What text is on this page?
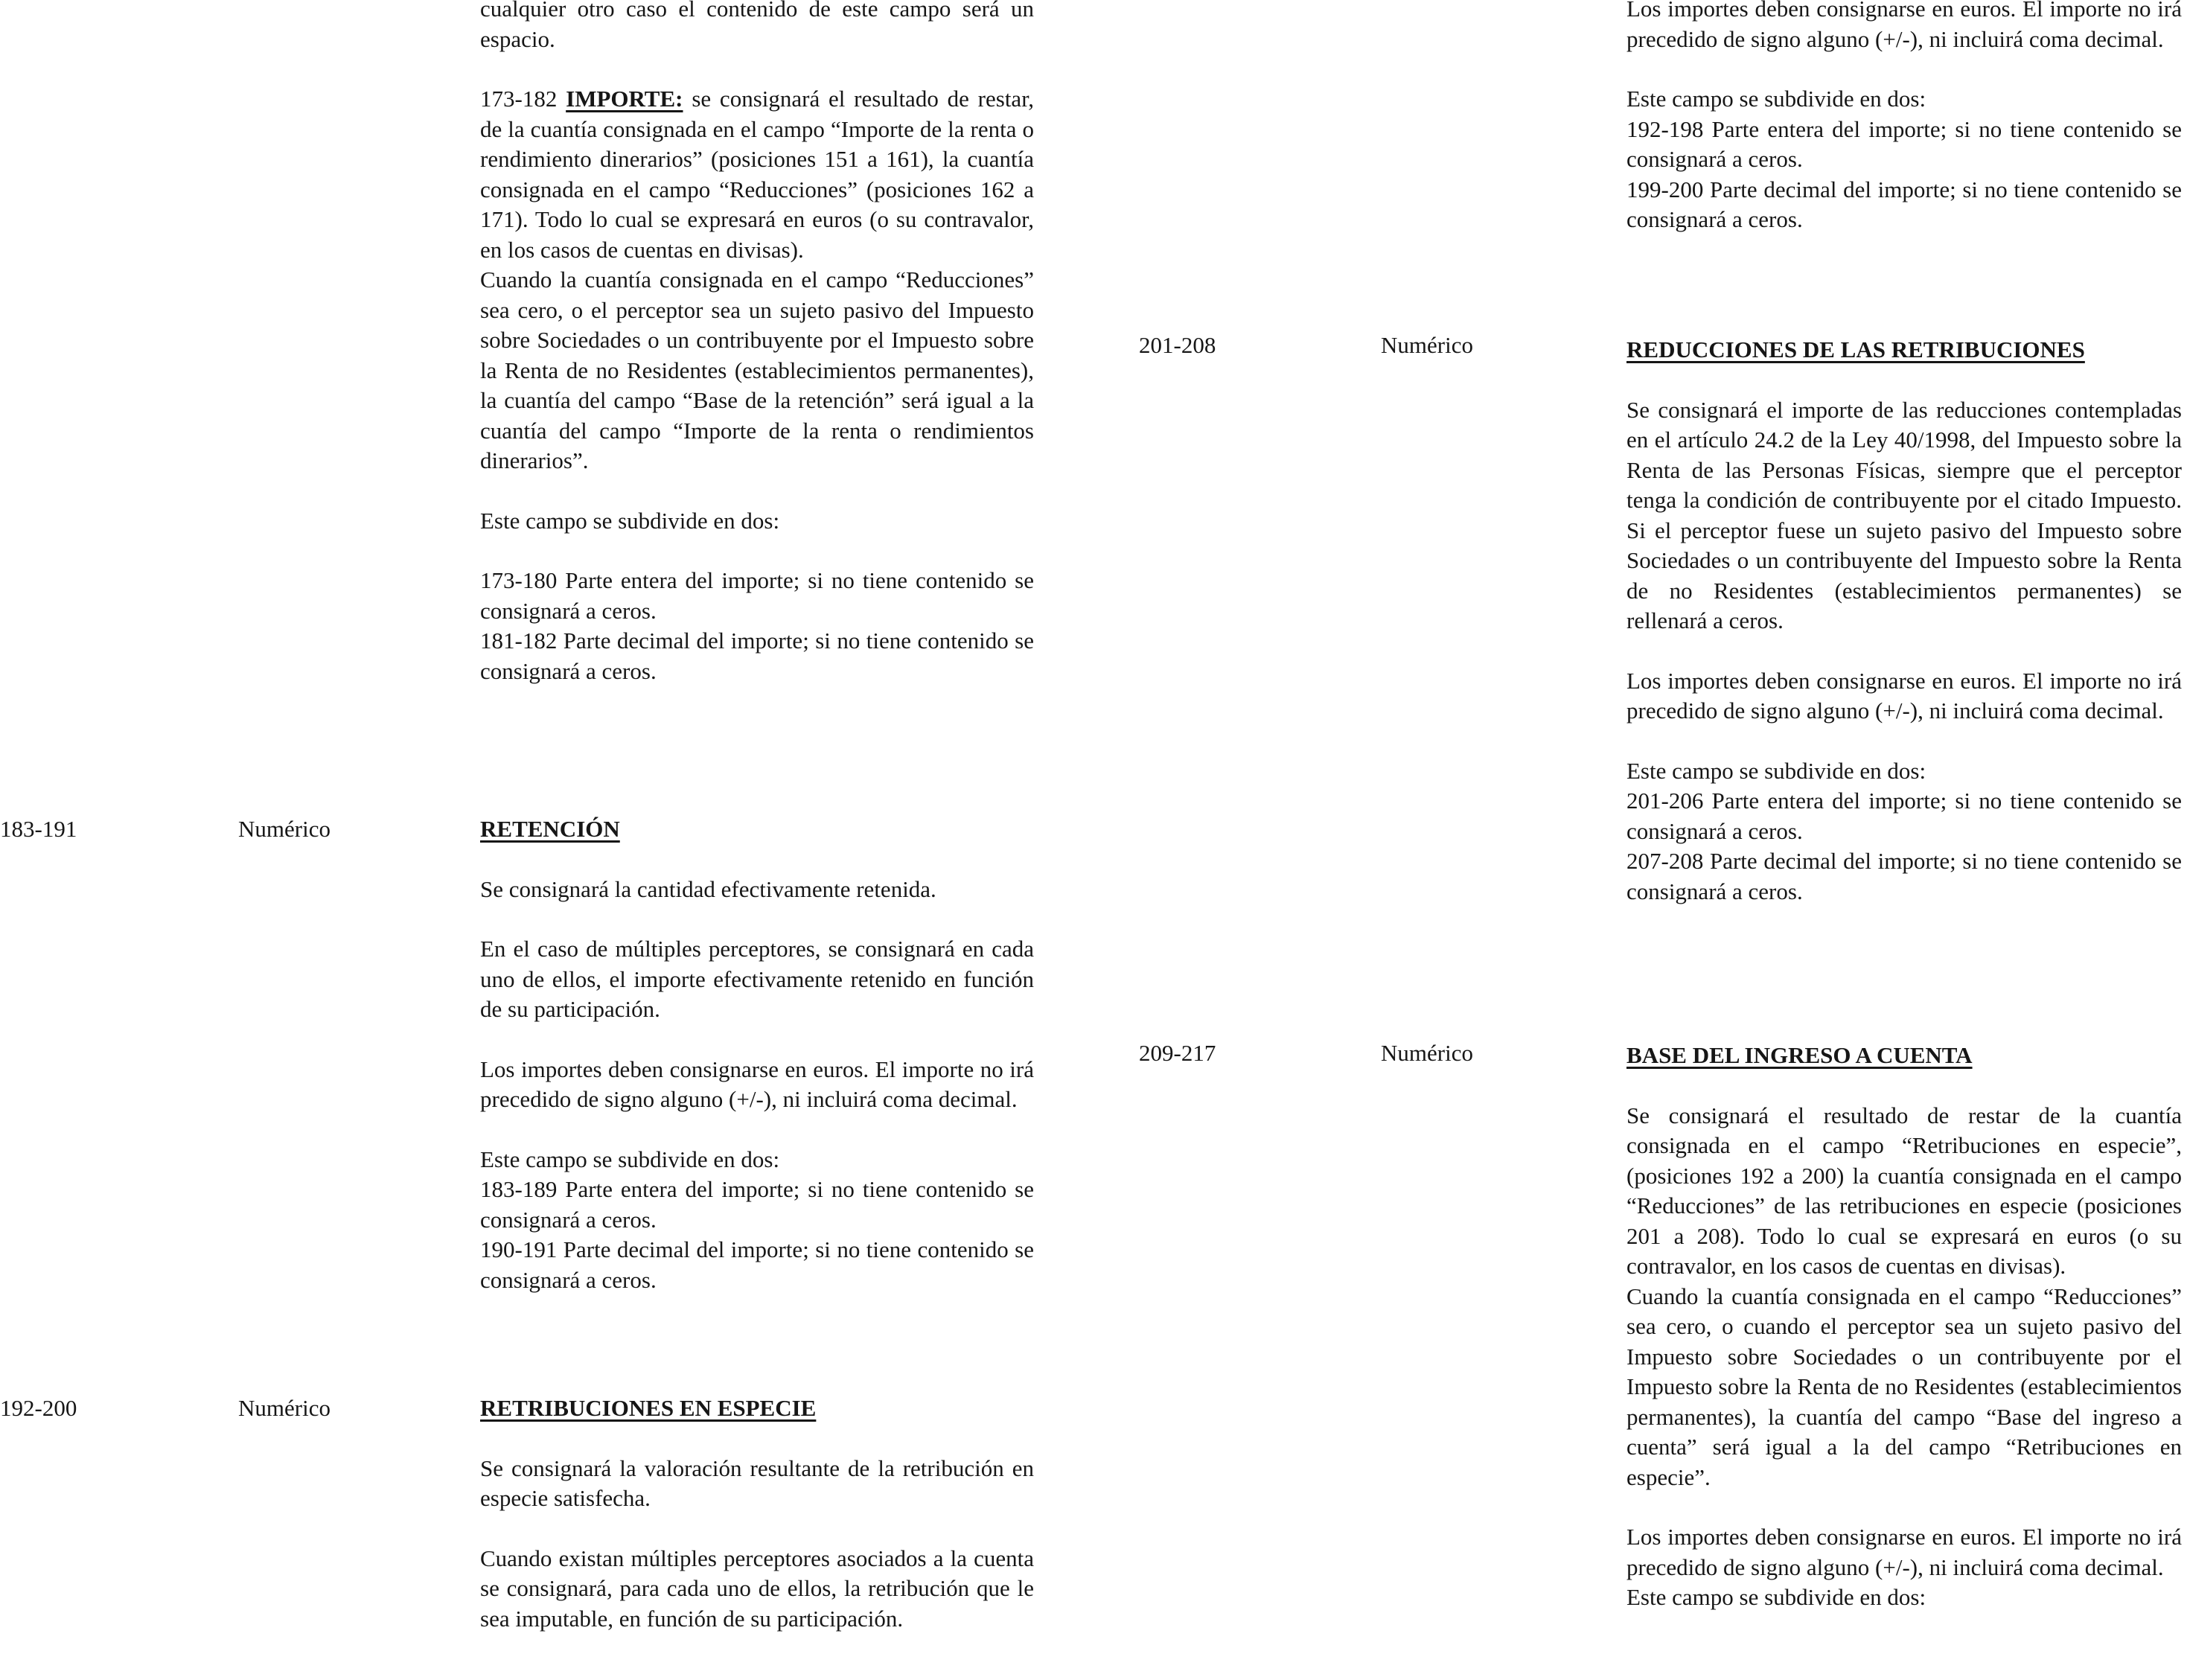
cualquier otro caso el contenido de este campo será un espacio.

173-182 IMPORTE: se consignará el resultado de restar, de la cuantía consignada en el campo “Importe de la renta o rendimiento dinerarios” (posiciones 151 a 161), la cuantía consignada en el campo “Reducciones” (posiciones 162 a 171). Todo lo cual se expresará en euros (o su contravalor, en los casos de cuentas en divisas).

Cuando la cuantía consignada en el campo “Reducciones” sea cero, o el perceptor sea un sujeto pasivo del Impuesto sobre Sociedades o un contribuyente por el Impuesto sobre la Renta de no Residentes (establecimientos permanentes), la cuantía del campo “Base de la retención” será igual a la cuantía del campo “Importe de la renta o rendimientos dinerarios”.

Este campo se subdivide en dos:

173-180 Parte entera del importe; si no tiene contenido se consignará a ceros.

181-182 Parte decimal del importe; si no tiene contenido se consignará a ceros.

183-191	Numérico	RETENCIÓN

Se consignará la cantidad efectivamente retenida.

En el caso de múltiples perceptores, se consignará en cada uno de ellos, el importe efectivamente retenido en función de su participación.

Los importes deben consignarse en euros. El importe no irá precedido de signo alguno (+/-), ni incluirá coma decimal.

Este campo se subdivide en dos:

183-189 Parte entera del importe; si no tiene contenido se consignará a ceros.

190-191 Parte decimal del importe; si no tiene contenido se consignará a ceros.

192-200	Numérico	RETRIBUCIONES EN ESPECIE

Se consignará la valoración resultante de la retribución en especie satisfecha.

Cuando existan múltiples perceptores asociados a la cuenta se consignará, para cada uno de ellos, la retribución que le sea imputable, en función de su participación.

Los importes deben consignarse en euros. El importe no irá precedido de signo alguno (+/-), ni incluirá coma decimal.

Este campo se subdivide en dos:

192-198 Parte entera del importe; si no tiene contenido se consignará a ceros.

199-200 Parte decimal del importe; si no tiene contenido se consignará a ceros.

201-208	Numérico	REDUCCIONES DE LAS RETRIBUCIONES

Se consignará el importe de las reducciones contempladas en el artículo 24.2 de la Ley 40/1998, del Impuesto sobre la Renta de las Personas Físicas, siempre que el perceptor tenga la condición de contribuyente por el citado Impuesto. Si el perceptor fuese un sujeto pasivo del Impuesto sobre Sociedades o un contribuyente del Impuesto sobre la Renta de no Residentes (establecimientos permanentes) se rellenará a ceros.

Los importes deben consignarse en euros. El importe no irá precedido de signo alguno (+/-), ni incluirá coma decimal.

Este campo se subdivide en dos:

201-206 Parte entera del importe; si no tiene contenido se consignará a ceros.

207-208 Parte decimal del importe; si no tiene contenido se consignará a ceros.

209-217	Numérico	BASE DEL INGRESO A CUENTA

Se consignará el resultado de restar de la cuantía consignada en el campo “Retribuciones en especie”, (posiciones 192 a 200) la cuantía consignada en el campo “Reducciones” de las retribuciones en especie (posiciones 201 a 208). Todo lo cual se expresará en euros (o su contravalor, en los casos de cuentas en divisas).

Cuando la cuantía consignada en el campo “Reducciones” sea cero, o cuando el perceptor sea un sujeto pasivo del Impuesto sobre Sociedades o un contribuyente por el Impuesto sobre la Renta de no Residentes (establecimientos permanentes), la cuantía del campo “Base del ingreso a cuenta” será igual a la del campo “Retribuciones en especie”.

Los importes deben consignarse en euros. El importe no irá precedido de signo alguno (+/-), ni incluirá coma decimal.

Este campo se subdivide en dos:
